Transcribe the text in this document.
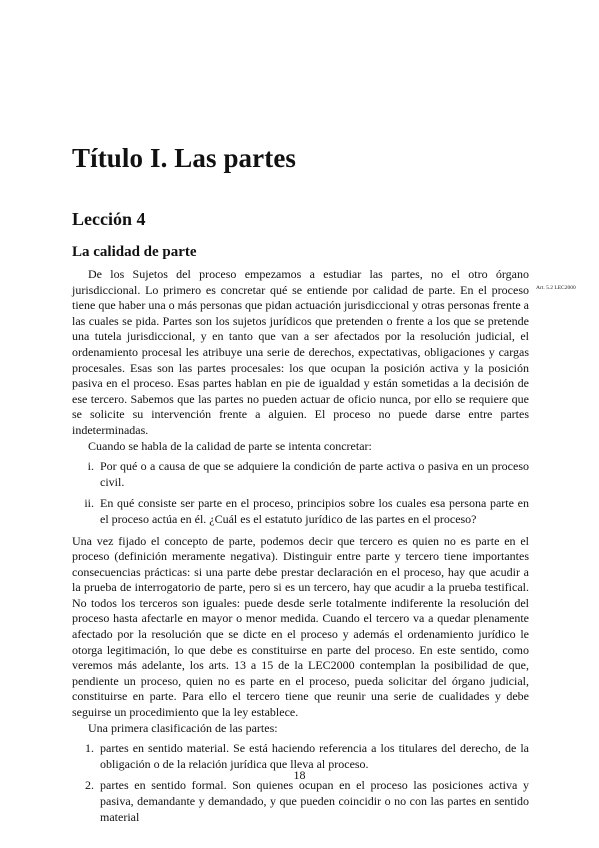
Título I. Las partes
Lección 4
La calidad de parte
Art. 5.2 LEC2000

De los Sujetos del proceso empezamos a estudiar las partes, no el otro órgano jurisdiccional. Lo primero es concretar qué se entiende por calidad de parte. En el proceso tiene que haber una o más personas que pidan actuación jurisdiccional y otras personas frente a las cuales se pida. Partes son los sujetos jurídicos que pretenden o frente a los que se pretende una tutela jurisdiccional, y en tanto que van a ser afectados por la resolución judicial, el ordenamiento procesal les atribuye una serie de derechos, expectativas, obligaciones y cargas procesales. Esas son las partes procesales: los que ocupan la posición activa y la posición pasiva en el proceso. Esas partes hablan en pie de igualdad y están sometidas a la decisión de ese tercero. Sabemos que las partes no pueden actuar de oficio nunca, por ello se requiere que se solicite su intervención frente a alguien. El proceso no puede darse entre partes indeterminadas.

Cuando se habla de la calidad de parte se intenta concretar:

i. Por qué o a causa de que se adquiere la condición de parte activa o pasiva en un proceso civil.
ii. En qué consiste ser parte en el proceso, principios sobre los cuales esa persona parte en el proceso actúa en él. ¿Cuál es el estatuto jurídico de las partes en el proceso?

Una vez fijado el concepto de parte, podemos decir que tercero es quien no es parte en el proceso (definición meramente negativa). Distinguir entre parte y tercero tiene importantes consecuencias prácticas: si una parte debe prestar declaración en el proceso, hay que acudir a la prueba de interrogatorio de parte, pero si es un tercero, hay que acudir a la prueba testifical. No todos los terceros son iguales: puede desde serle totalmente indiferente la resolución del proceso hasta afectarle en mayor o menor medida. Cuando el tercero va a quedar plenamente afectado por la resolución que se dicte en el proceso y además el ordenamiento jurídico le otorga legitimación, lo que debe es constituirse en parte del proceso. En este sentido, como veremos más adelante, los arts. 13 a 15 de la LEC2000 contemplan la posibilidad de que, pendiente un proceso, quien no es parte en el proceso, pueda solicitar del órgano judicial, constituirse en parte. Para ello el tercero tiene que reunir una serie de cualidades y debe seguirse un procedimiento que la ley establece.

Una primera clasificación de las partes:

1. partes en sentido material. Se está haciendo referencia a los titulares del derecho, de la obligación o de la relación jurídica que lleva al proceso.
2. partes en sentido formal. Son quienes ocupan en el proceso las posiciones activa y pasiva, demandante y demandado, y que pueden coincidir o no con las partes en sentido material
18
